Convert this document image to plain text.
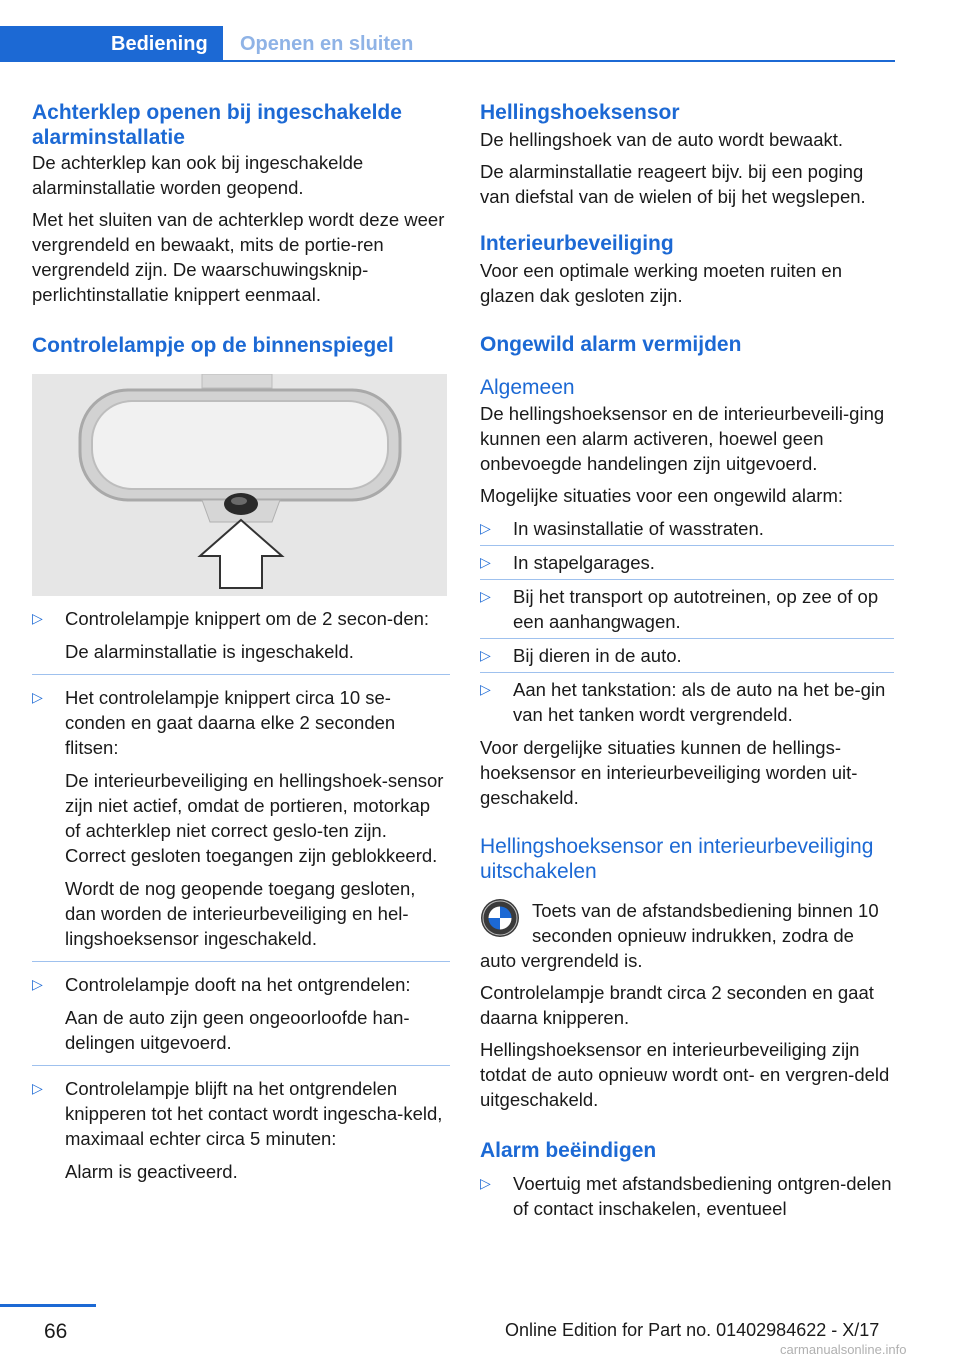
Bediening	Openen en sluiten
Achterklep openen bij ingeschakelde alarminstallatie

De achterklep kan ook bij ingeschakelde alarminstallatie worden geopend.

Met het sluiten van de achterklep wordt deze weer vergrendeld en bewaakt, mits de portie‐ren vergrendeld zijn. De waarschuwingsknip‐perlichtinstallatie knippert eenmaal.

Controlelampje op de binnenspiegel
▷ Controlelampje knippert om de 2 secon‐den:
De alarminstallatie is ingeschakeld.
▷ Het controlelampje knippert circa 10 se‐conden en gaat daarna elke 2 seconden flitsen:
De interieurbeveiliging en hellingshoek‐sensor zijn niet actief, omdat de portieren, motorkap of achterklep niet correct geslo‐ten zijn. Correct gesloten toegangen zijn geblokkeerd.
Wordt de nog geopende toegang gesloten, dan worden de interieurbeveiliging en hel‐lingshoeksensor ingeschakeld.
▷ Controlelampje dooft na het ontgrendelen:
Aan de auto zijn geen ongeoorloofde han‐delingen uitgevoerd.
▷ Controlelampje blijft na het ontgrendelen knipperen tot het contact wordt ingescha‐keld, maximaal echter circa 5 minuten:
Alarm is geactiveerd.
Hellingshoeksensor

De hellingshoek van de auto wordt bewaakt.

De alarminstallatie reageert bijv. bij een poging van diefstal van de wielen of bij het wegslepen.

Interieurbeveiliging

Voor een optimale werking moeten ruiten en glazen dak gesloten zijn.

Ongewild alarm vermijden
Algemeen

De hellingshoeksensor en de interieurbeveili‐ging kunnen een alarm activeren, hoewel geen onbevoegde handelingen zijn uitgevoerd.

Mogelijke situaties voor een ongewild alarm:

▷ In wasinstallatie of wasstraten.
▷ In stapelgarages.
▷ Bij het transport op autotreinen, op zee of op een aanhangwagen.
▷ Bij dieren in de auto.
▷ Aan het tankstation: als de auto na het be‐gin van het tanken wordt vergrendeld.

Voor dergelijke situaties kunnen de hellings‐hoeksensor en interieurbeveiliging worden uit‐geschakeld.

Hellingshoeksensor en interieurbeveiliging uitschakelen

Toets van de afstandsbediening binnen 10 seconden opnieuw indrukken, zodra de auto vergrendeld is.

Controlelampje brandt circa 2 seconden en gaat daarna knipperen.

Hellingshoeksensor en interieurbeveiliging zijn totdat de auto opnieuw wordt ont- en vergren‐deld uitgeschakeld.

Alarm beëindigen
▷ Voertuig met afstandsbediening ontgren‐delen of contact inschakelen, eventueel
66	Online Edition for Part no. 01402984622 - X/17
carmanualsonline.info
